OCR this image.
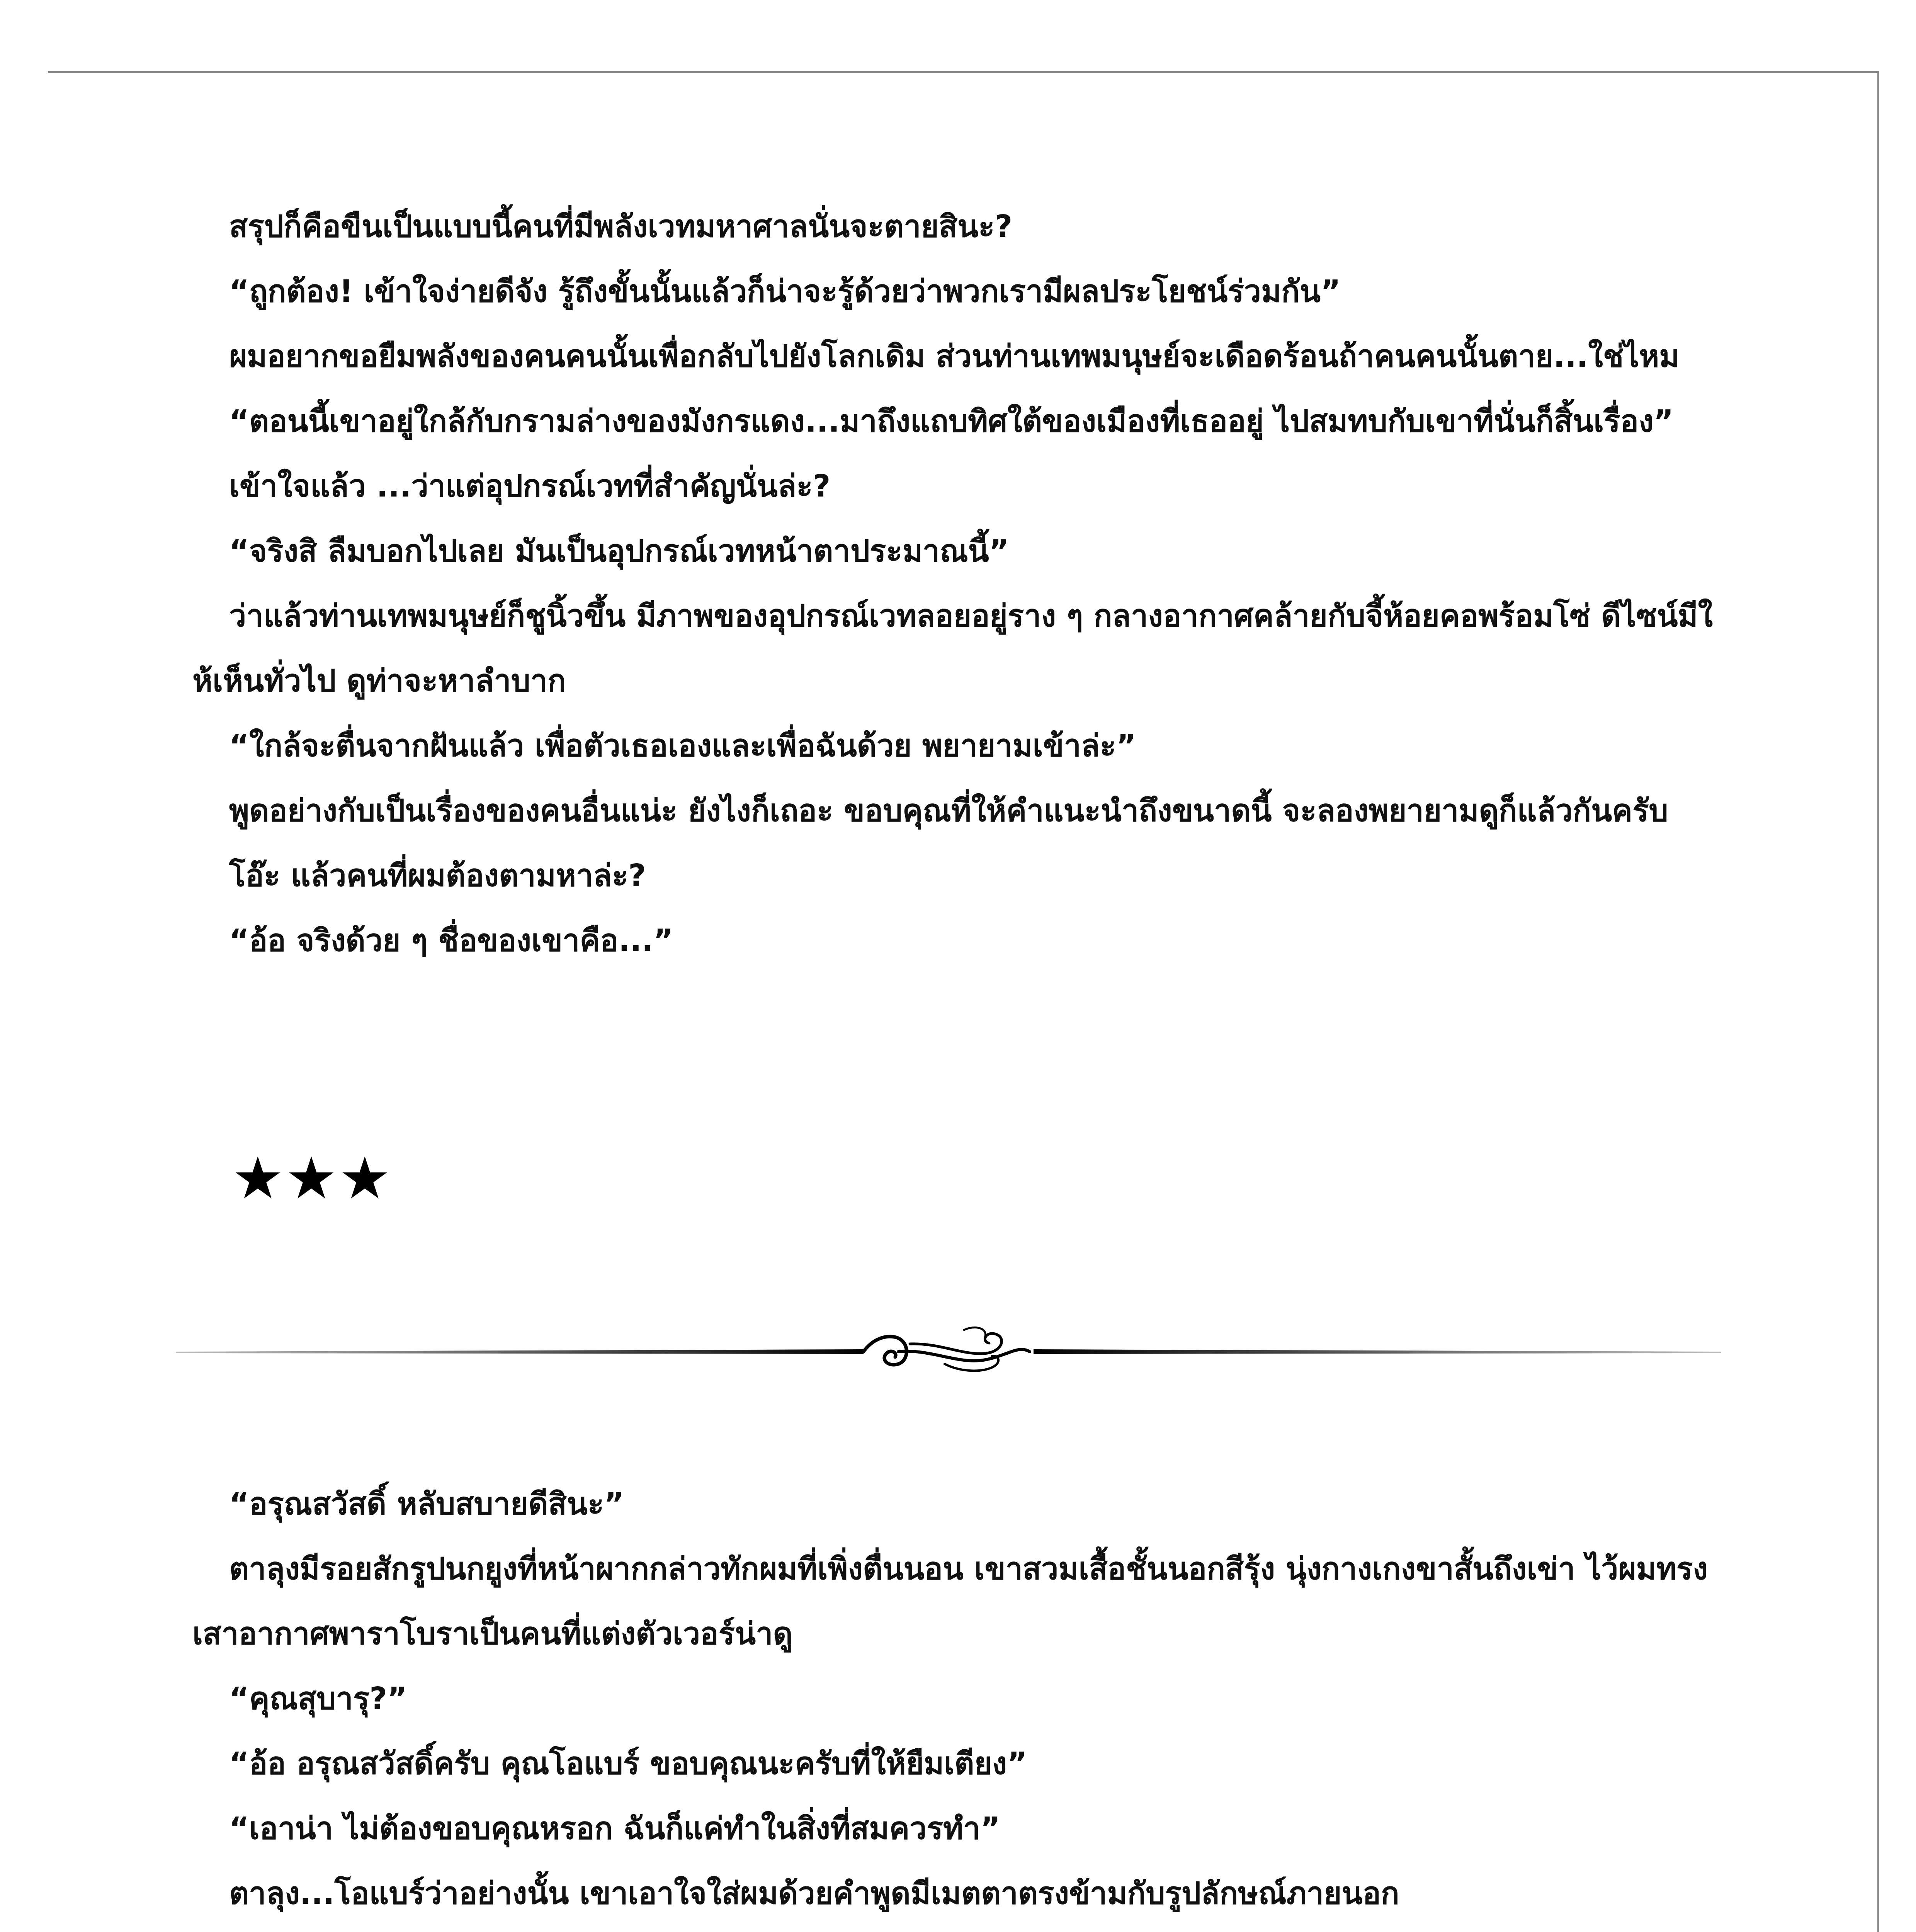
สรุปก็คือขืนเป็นแบบนี้คนที่มีพลังเวทมหาศาลนั่นจะตายสินะ?

“ถูกต้อง! เข้าใจง่ายดีจัง รู้ถึงขั้นนั้นแล้วก็น่าจะรู้ด้วยว่าพวกเรามีผลประโยชน์ร่วมกัน”

ผมอยากขอยืมพลังของคนคนนั้นเพื่อกลับไปยังโลกเดิม ส่วนท่านเทพมนุษย์จะเดือดร้อนถ้าคนคนนั้นตาย...ใช่ไหม

“ตอนนี้เขาอยู่ใกล้กับกรามล่างของมังกรแดง...มาถึงแถบทิศใต้ของเมืองที่เธออยู่ ไปสมทบกับเขาที่นั่นก็สิ้นเรื่อง”

เข้าใจแล้ว ...ว่าแต่อุปกรณ์เวทที่สำคัญนั่นล่ะ?

“จริงสิ ลืมบอกไปเลย มันเป็นอุปกรณ์เวทหน้าตาประมาณนี้”

ว่าแล้วท่านเทพมนุษย์ก็ชูนิ้วขึ้น มีภาพของอุปกรณ์เวทลอยอยู่ราง ๆ กลางอากาศคล้ายกับจี้ห้อยคอพร้อมโซ่ ดีไซน์มีให้เห็นทั่วไป ดูท่าจะหาลำบาก

“ใกล้จะตื่นจากฝันแล้ว เพื่อตัวเธอเองและเพื่อฉันด้วย พยายามเข้าล่ะ”

พูดอย่างกับเป็นเรื่องของคนอื่นแน่ะ ยังไงก็เถอะ ขอบคุณที่ให้คำแนะนำถึงขนาดนี้ จะลองพยายามดูก็แล้วกันครับ

โอ๊ะ แล้วคนที่ผมต้องตามหาล่ะ?

“อ้อ จริงด้วย ๆ ชื่อของเขาคือ...”

★★★

“อรุณสวัสดิ์ หลับสบายดีสินะ”

ตาลุงมีรอยสักรูปนกยูงที่หน้าผากกล่าวทักผมที่เพิ่งตื่นนอน เขาสวมเสื้อชั้นนอกสีรุ้ง นุ่งกางเกงขาสั้นถึงเข่า ไว้ผมทรงเสาอากาศพาราโบราเป็นคนที่แต่งตัวเวอร์น่าดู

“คุณสุบารุ?”

“อ้อ อรุณสวัสดิ์ครับ คุณโอแบร์ ขอบคุณนะครับที่ให้ยืมเตียง”

“เอาน่า ไม่ต้องขอบคุณหรอก ฉันก็แค่ทำในสิ่งที่สมควรทำ”

ตาลุง...โอแบร์ว่าอย่างนั้น เขาเอาใจใส่ผมด้วยคำพูดมีเมตตาตรงข้ามกับรูปลักษณ์ภายนอก
